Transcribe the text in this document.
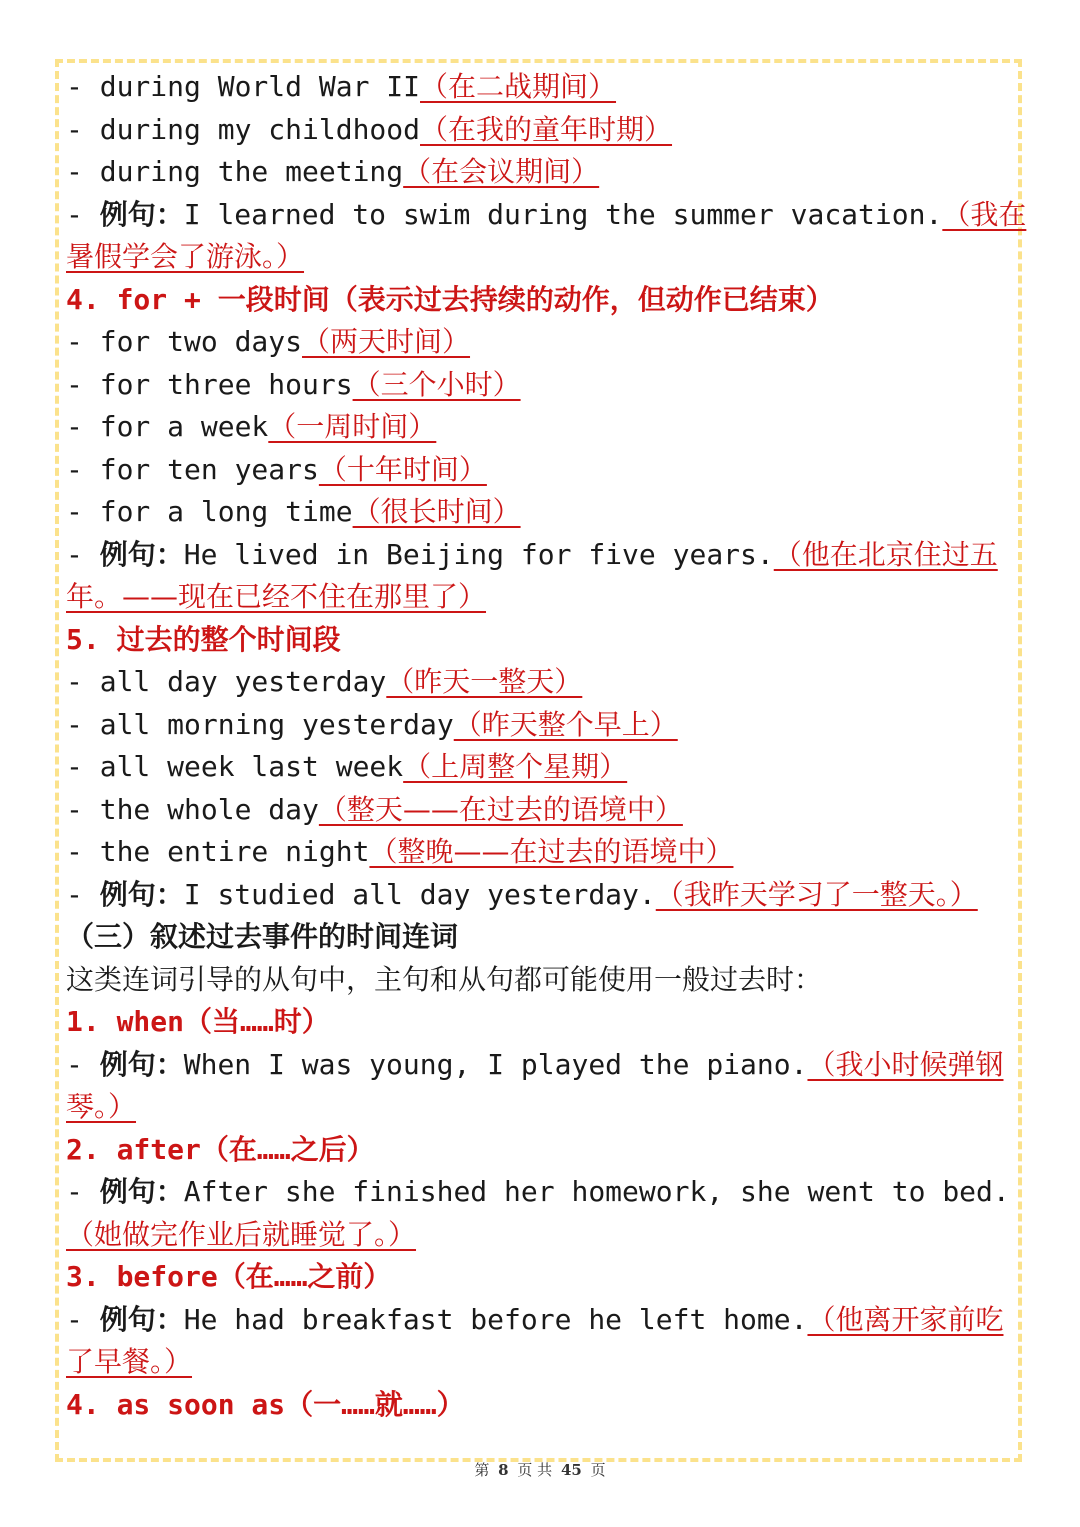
- during World War II（在二战期间）
- during my childhood（在我的童年时期）
- during the meeting（在会议期间）
- 例句：I learned to swim during the summer vacation.（我在
暑假学会了游泳。）
4. for + 一段时间（表示过去持续的动作，但动作已结束）
- for two days（两天时间）
- for three hours（三个小时）
- for a week（一周时间）
- for ten years（十年时间）
- for a long time（很长时间）
- 例句：He lived in Beijing for five years.（他在北京住过五
年。——现在已经不住在那里了）
5. 过去的整个时间段
- all day yesterday（昨天一整天）
- all morning yesterday（昨天整个早上）
- all week last week（上周整个星期）
- the whole day（整天——在过去的语境中）
- the entire night（整晚——在过去的语境中）
- 例句：I studied all day yesterday.（我昨天学习了一整天。）
（三）叙述过去事件的时间连词
这类连词引导的从句中，主句和从句都可能使用一般过去时：
1. when（当……时）
- 例句：When I was young, I played the piano.（我小时候弹钢
琴。）
2. after（在……之后）
- 例句：After she finished her homework, she went to bed.
（她做完作业后就睡觉了。）
3. before（在……之前）
- 例句：He had breakfast before he left home.（他离开家前吃
了早餐。）
4. as soon as（一……就……）
第 8 页 共 45 页
